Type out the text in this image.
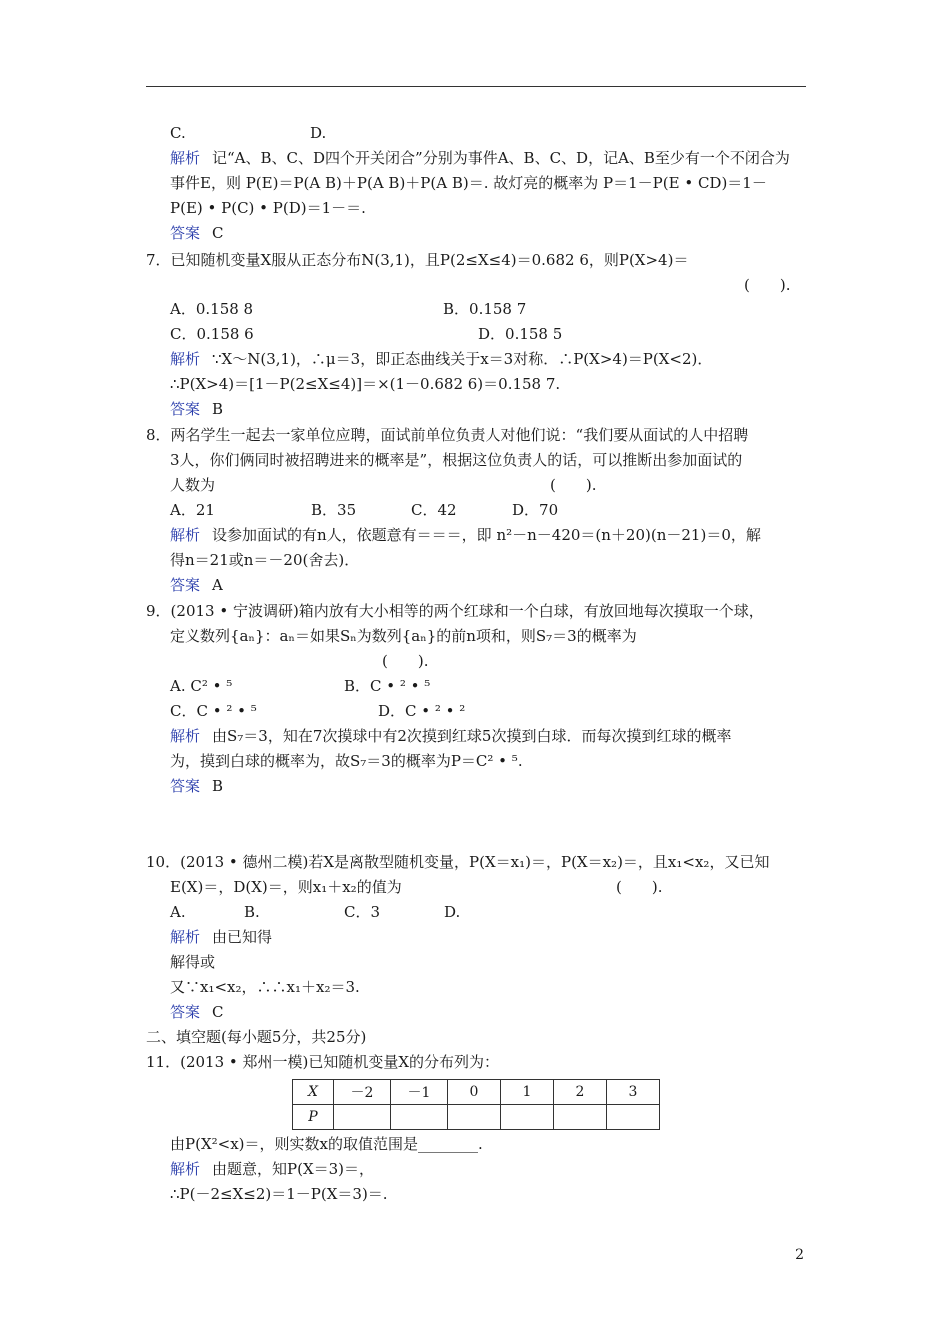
C.	D.
解析 记“A、B、C、D四个开关闭合”分别为事件A、B、C、D，记A、B至少有一个不闭合为
事件E，则 P(E)＝P(A B)＋P(A B)＋P(A B)＝. 故灯亮的概率为 P＝1－P(E • CD)＝1－
P(E) • P(C) • P(D)＝1－＝.
答案 C
7．已知随机变量X服从正态分布N(3,1)，且P(2≤X≤4)＝0.682 6，则P(X>4)＝
(　　).
A．0.158 8	B．0.158 7
C．0.158 6	D．0.158 5
解析 ∵X～N(3,1)，∴μ＝3，即正态曲线关于x＝3对称．∴P(X>4)＝P(X<2)．
∴P(X>4)＝[1－P(2≤X≤4)]＝×(1－0.682 6)＝0.158 7.
答案 B
8．两名学生一起去一家单位应聘，面试前单位负责人对他们说：“我们要从面试的人中招聘
3人，你们俩同时被招聘进来的概率是”，根据这位负责人的话，可以推断出参加面试的
人数为	(　　).
A．21	B．35	C．42	D．70
解析 设参加面试的有n人，依题意有＝＝＝，即 n²－n－420＝(n＋20)(n－21)＝0，解
得n＝21或n＝－20(舍去)．
答案 A
9．(2013 • 宁波调研)箱内放有大小相等的两个红球和一个白球，有放回地每次摸取一个球，
定义数列{aₙ}：aₙ＝如果Sₙ为数列{aₙ}的前n项和，则S₇＝3的概率为
(　　).
A. C² • ⁵	B．C • ² • ⁵
C．C • ² • ⁵	D．C • ² • ²
解析 由S₇＝3，知在7次摸球中有2次摸到红球5次摸到白球．而每次摸到红球的概率
为，摸到白球的概率为，故S₇＝3的概率为P＝C² • ⁵.
答案 B
10．(2013 • 德州二模)若X是离散型随机变量，P(X＝x₁)＝，P(X＝x₂)＝，且x₁<x₂，又已知
E(X)＝，D(X)＝，则x₁＋x₂的值为	(　　).
A.	B.	C．3	D.
解析 由已知得
解得或
又∵x₁<x₂，∴∴x₁＋x₂＝3.
答案 C
二、填空题(每小题5分，共25分)
11．(2013 • 郑州一模)已知随机变量X的分布列为：
X	－2	－1	0	1	2	3
P						
由P(X²<x)＝，则实数x的取值范围是________.
解析 由题意，知P(X＝3)＝，
∴P(－2≤X≤2)＝1－P(X＝3)＝.
2
